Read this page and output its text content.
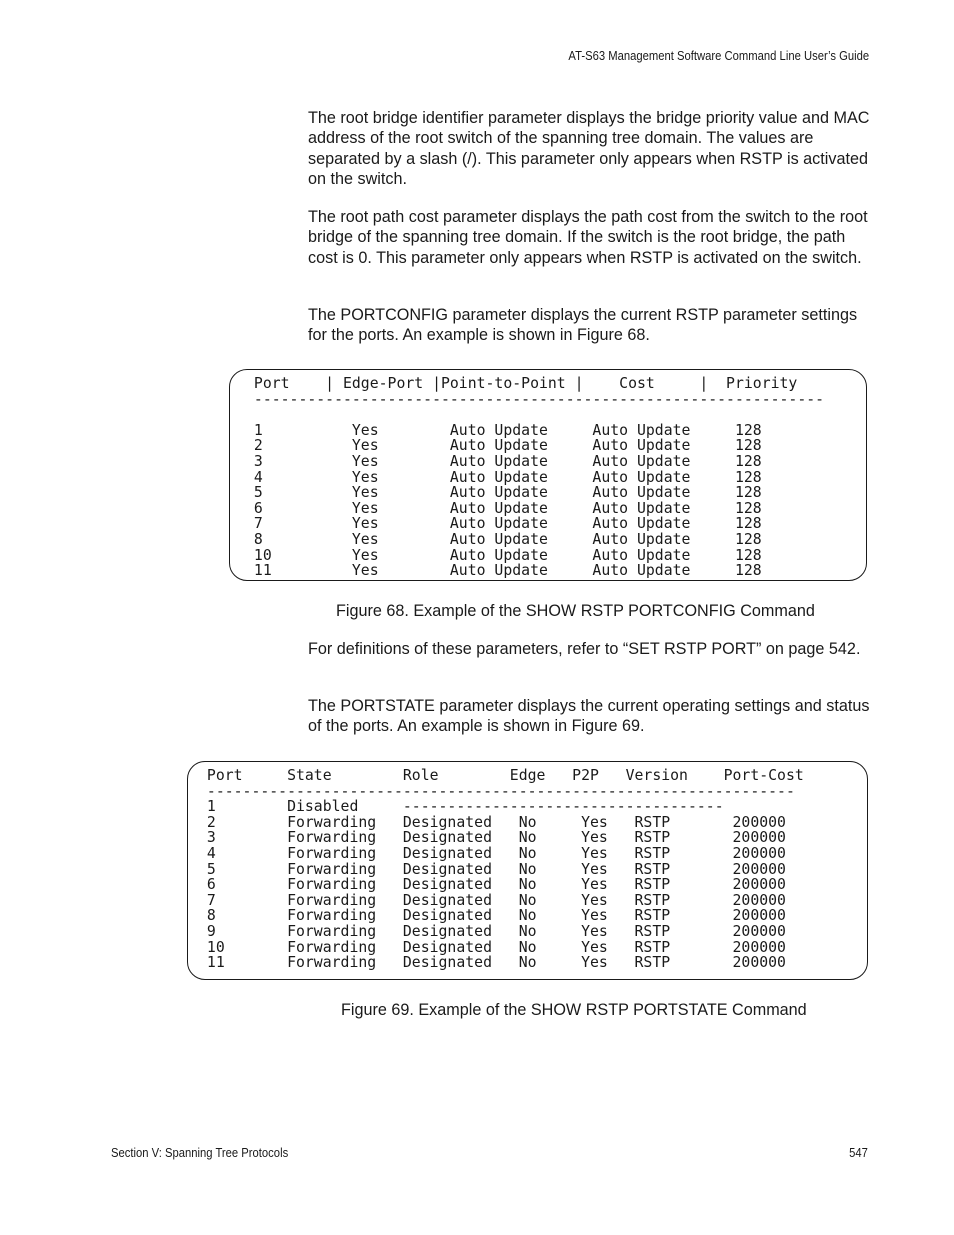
AT-S63 Management Software Command Line User’s Guide

The root bridge identifier parameter displays the bridge priority value and MAC address of the root switch of the spanning tree domain. The values are separated by a slash (/). This parameter only appears when RSTP is activated on the switch.

The root path cost parameter displays the path cost from the switch to the root bridge of the spanning tree domain. If the switch is the root bridge, the path cost is 0. This parameter only appears when RSTP is activated on the switch.

The PORTCONFIG parameter displays the current RSTP parameter settings for the ports. An example is shown in Figure 68.

Port    | Edge-Port |Point-to-Point |    Cost     |  Priority
----------------------------------------------------------------

1          Yes        Auto Update     Auto Update     128
2          Yes        Auto Update     Auto Update     128
3          Yes        Auto Update     Auto Update     128
4          Yes        Auto Update     Auto Update     128
5          Yes        Auto Update     Auto Update     128
6          Yes        Auto Update     Auto Update     128
7          Yes        Auto Update     Auto Update     128
8          Yes        Auto Update     Auto Update     128
10         Yes        Auto Update     Auto Update     128
11         Yes        Auto Update     Auto Update     128
Figure 68. Example of the SHOW RSTP PORTCONFIG Command

For definitions of these parameters, refer to “SET RSTP PORT” on page 542.

The PORTSTATE parameter displays the current operating settings and status of the ports. An example is shown in Figure 69.

Port     State        Role        Edge   P2P   Version    Port-Cost
------------------------------------------------------------------
1        Disabled     ------------------------------------
2        Forwarding   Designated   No     Yes   RSTP       200000
3        Forwarding   Designated   No     Yes   RSTP       200000
4        Forwarding   Designated   No     Yes   RSTP       200000
5        Forwarding   Designated   No     Yes   RSTP       200000
6        Forwarding   Designated   No     Yes   RSTP       200000
7        Forwarding   Designated   No     Yes   RSTP       200000
8        Forwarding   Designated   No     Yes   RSTP       200000
9        Forwarding   Designated   No     Yes   RSTP       200000
10       Forwarding   Designated   No     Yes   RSTP       200000
11       Forwarding   Designated   No     Yes   RSTP       200000
Figure 69. Example of the SHOW RSTP PORTSTATE Command
Section V: Spanning Tree Protocols	547
